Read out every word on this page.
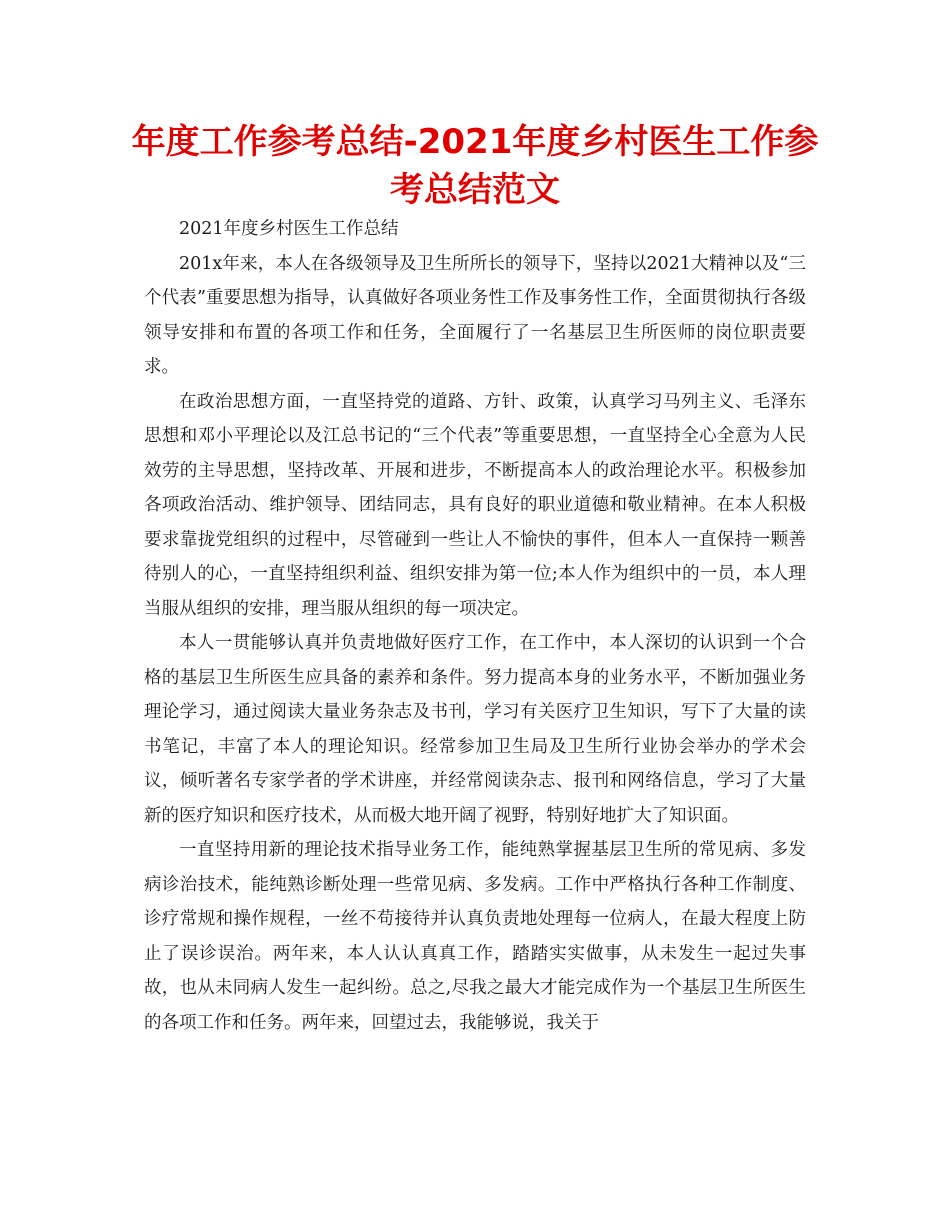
年度工作参考总结-2021年度乡村医生工作参考总结范文

2021年度乡村医生工作总结

201x年来，本人在各级领导及卫生所所长的领导下，坚持以2021大精神以及“三个代表”重要思想为指导，认真做好各项业务性工作及事务性工作，全面贯彻执行各级领导安排和布置的各项工作和任务，全面履行了一名基层卫生所医师的岗位职责要求。

在政治思想方面，一直坚持党的道路、方针、政策，认真学习马列主义、毛泽东思想和邓小平理论以及江总书记的“三个代表”等重要思想，一直坚持全心全意为人民效劳的主导思想，坚持改革、开展和进步，不断提高本人的政治理论水平。积极参加各项政治活动、维护领导、团结同志，具有良好的职业道德和敬业精神。在本人积极要求靠拢党组织的过程中，尽管碰到一些让人不愉快的事件，但本人一直保持一颗善待别人的心，一直坚持组织利益、组织安排为第一位;本人作为组织中的一员，本人理当服从组织的安排，理当服从组织的每一项决定。

本人一贯能够认真并负责地做好医疗工作，在工作中，本人深切的认识到一个合格的基层卫生所医生应具备的素养和条件。努力提高本身的业务水平，不断加强业务理论学习，通过阅读大量业务杂志及书刊，学习有关医疗卫生知识，写下了大量的读书笔记，丰富了本人的理论知识。经常参加卫生局及卫生所行业协会举办的学术会议，倾听著名专家学者的学术讲座，并经常阅读杂志、报刊和网络信息，学习了大量新的医疗知识和医疗技术，从而极大地开阔了视野，特别好地扩大了知识面。

一直坚持用新的理论技术指导业务工作，能纯熟掌握基层卫生所的常见病、多发病诊治技术，能纯熟诊断处理一些常见病、多发病。工作中严格执行各种工作制度、诊疗常规和操作规程，一丝不苟接待并认真负责地处理每一位病人，在最大程度上防止了误诊误治。两年来，本人认认真真工作，踏踏实实做事，从未发生一起过失事故，也从未同病人发生一起纠纷。总之,尽我之最大才能完成作为一个基层卫生所医生的各项工作和任务。两年来，回望过去，我能够说，我关于
